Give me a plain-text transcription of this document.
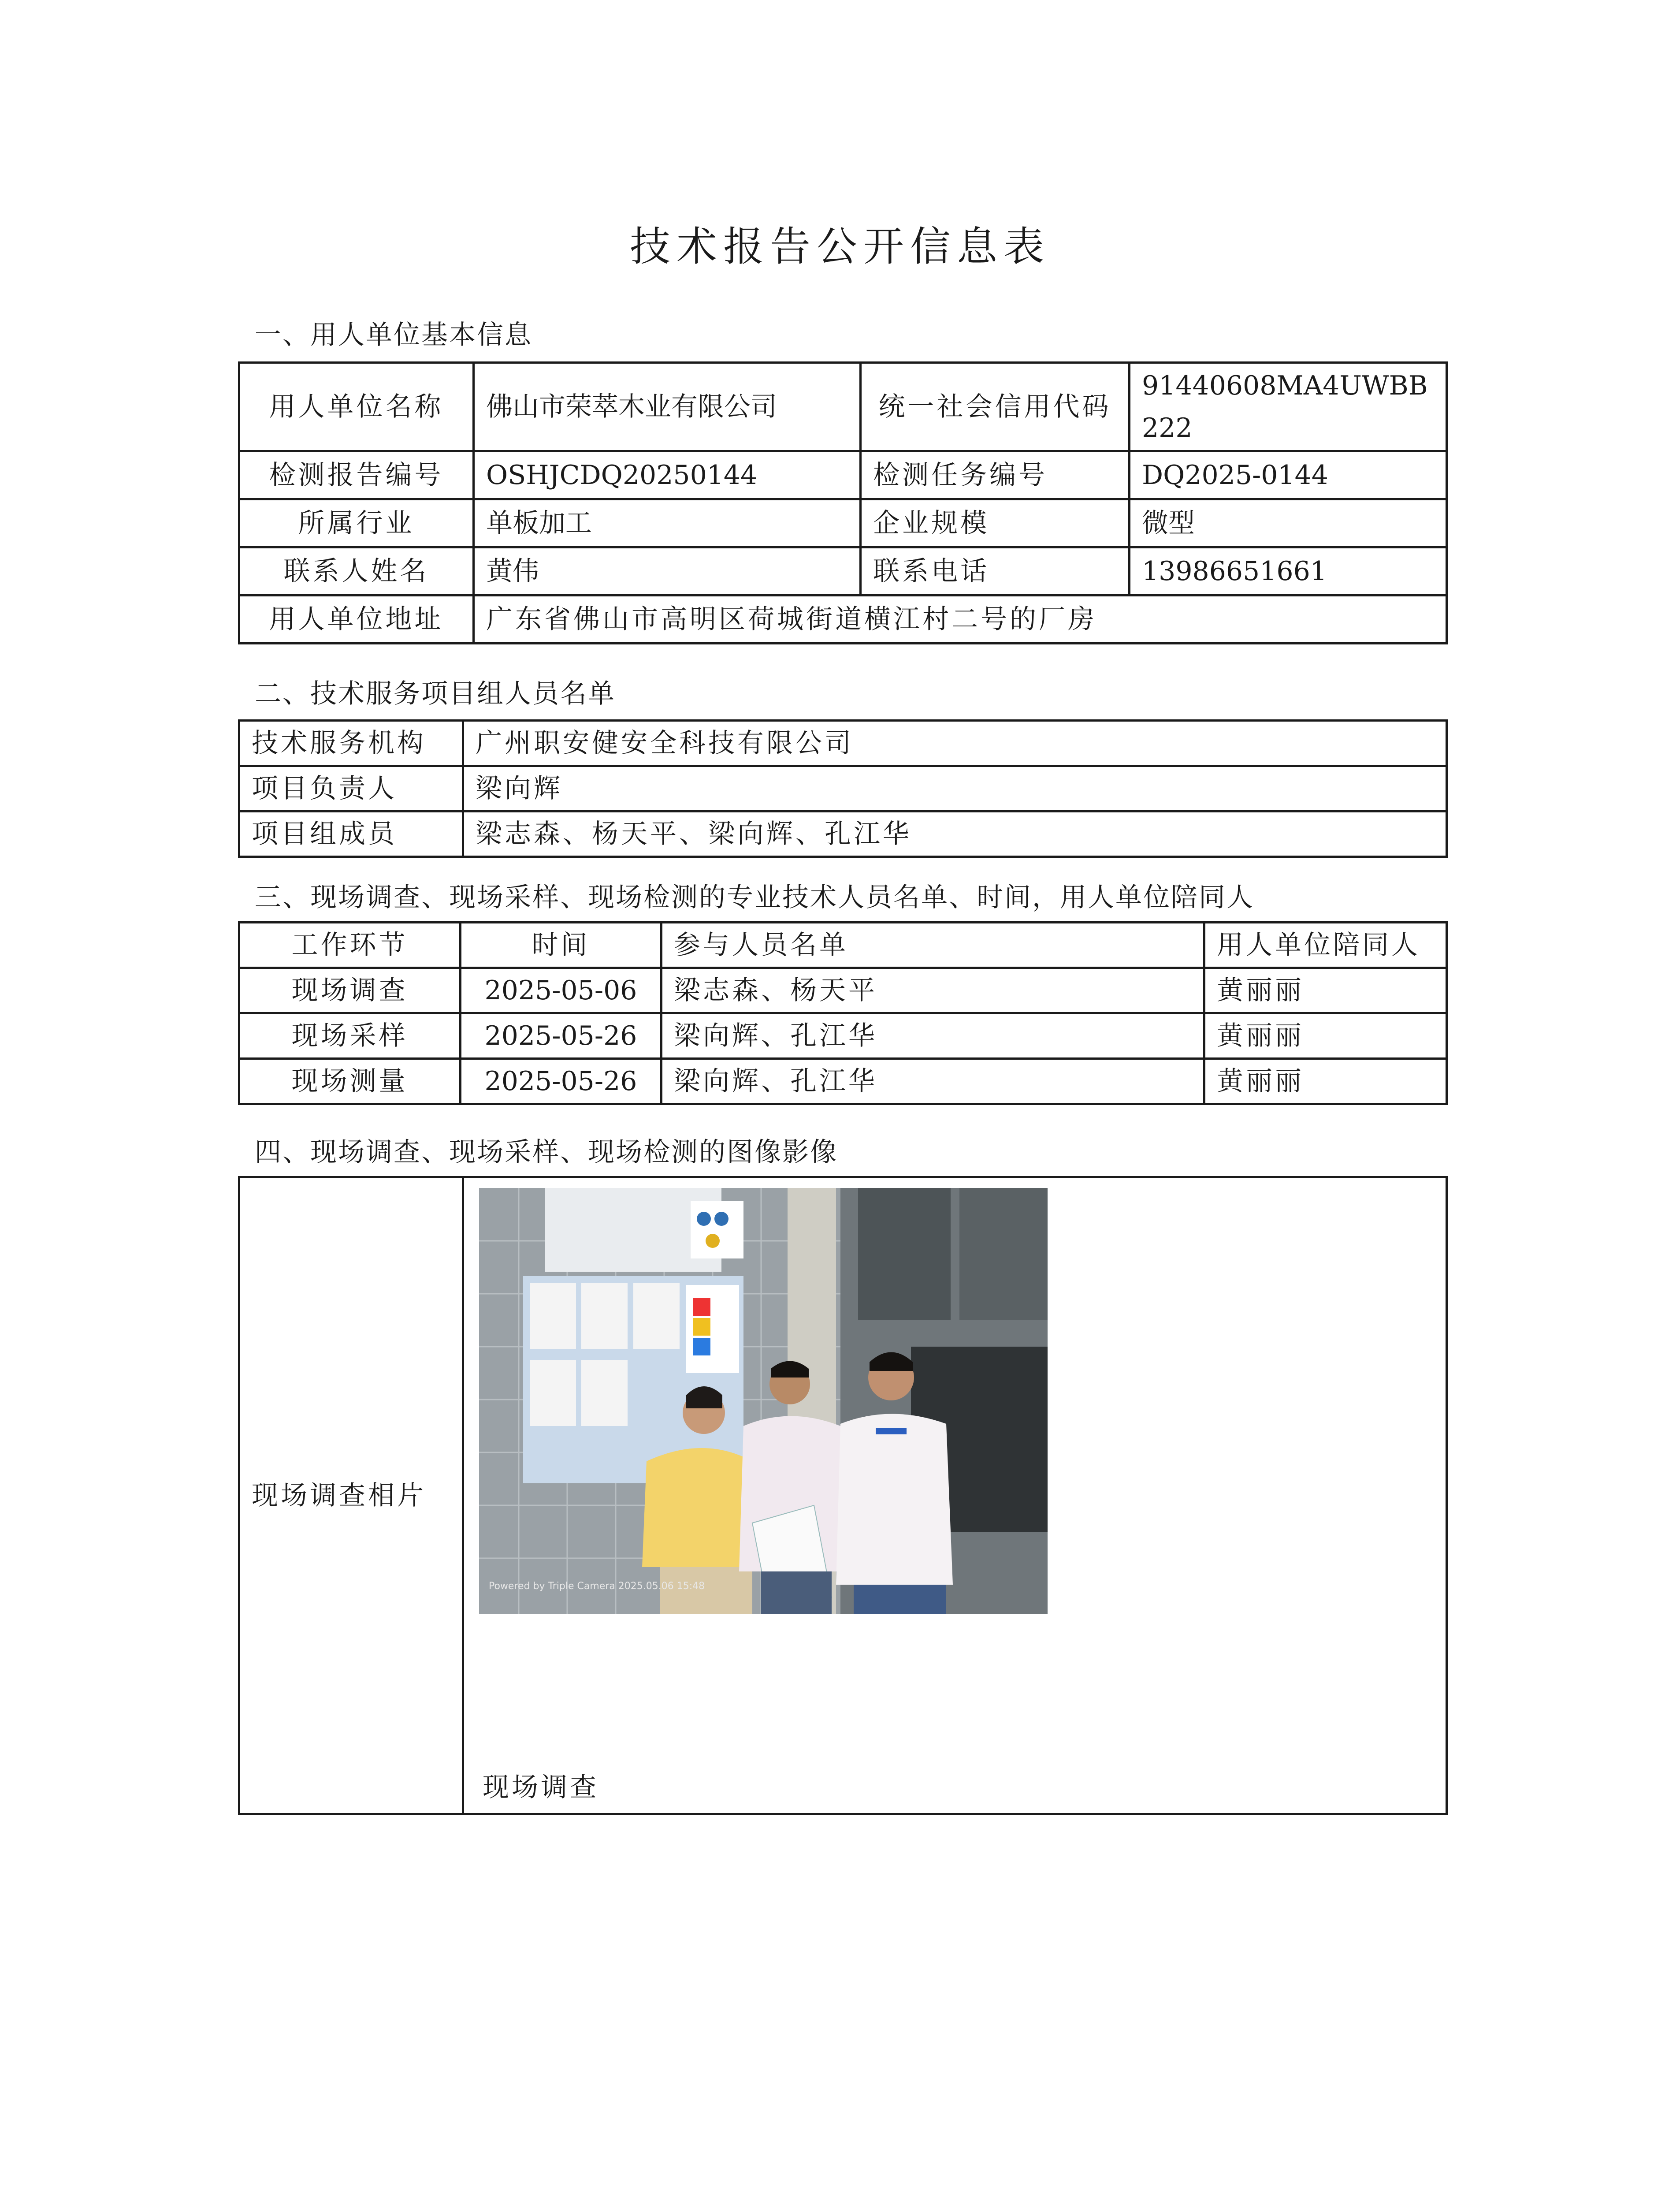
技术报告公开信息表
一、用人单位基本信息
用人单位名称	佛山市荣萃木业有限公司	统一社会信用代码	91440608MA4UWBB222
检测报告编号	OSHJCDQ20250144	检测任务编号	DQ2025-0144
所属行业	单板加工	企业规模	微型
联系人姓名	黄伟	联系电话	13986651661
用人单位地址	广东省佛山市高明区荷城街道横江村二号的厂房		
二、技术服务项目组人员名单
技术服务机构	广州职安健安全科技有限公司
项目负责人	梁向辉
项目组成员	梁志森、杨天平、梁向辉、孔江华
三、现场调查、现场采样、现场检测的专业技术人员名单、时间，用人单位陪同人
工作环节	时间	参与人员名单	用人单位陪同人
现场调查	2025-05-06	梁志森、杨天平	黄丽丽
现场采样	2025-05-26	梁向辉、孔江华	黄丽丽
现场测量	2025-05-26	梁向辉、孔江华	黄丽丽
四、现场调查、现场采样、现场检测的图像影像
现场调查相片	
Powered by Triple Camera 2025.05.06 15:48
现场调查
